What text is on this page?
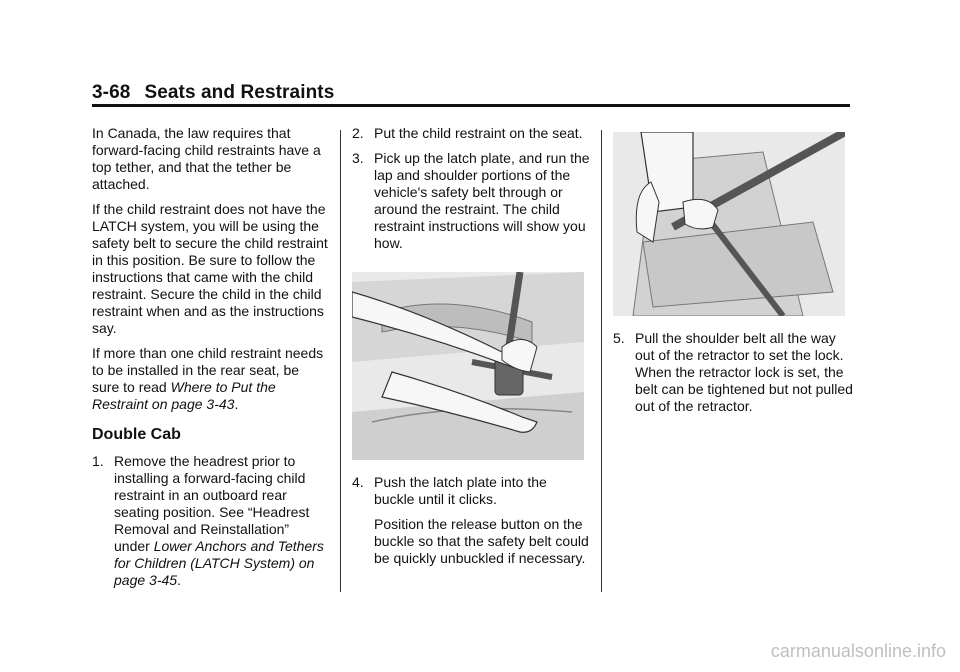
3-68 Seats and Restraints

In Canada, the law requires that forward-facing child restraints have a top tether, and that the tether be attached.

If the child restraint does not have the LATCH system, you will be using the safety belt to secure the child restraint in this position. Be sure to follow the instructions that came with the child restraint. Secure the child in the child restraint when and as the instructions say.

If more than one child restraint needs to be installed in the rear seat, be sure to read Where to Put the Restraint on page 3-43.

Double Cab
1. Remove the headrest prior to installing a forward-facing child restraint in an outboard rear seating position. See “Headrest Removal and Reinstallation” under Lower Anchors and Tethers for Children (LATCH System) on page 3-45.
2. Put the child restraint on the seat.
3. Pick up the latch plate, and run the lap and shoulder portions of the vehicle's safety belt through or around the restraint. The child restraint instructions will show you how.
4. Push the latch plate into the buckle until it clicks.
Position the release button on the buckle so that the safety belt could be quickly unbuckled if necessary.
5. Pull the shoulder belt all the way out of the retractor to set the lock. When the retractor lock is set, the belt can be tightened but not pulled out of the retractor.
carmanualsonline.info
